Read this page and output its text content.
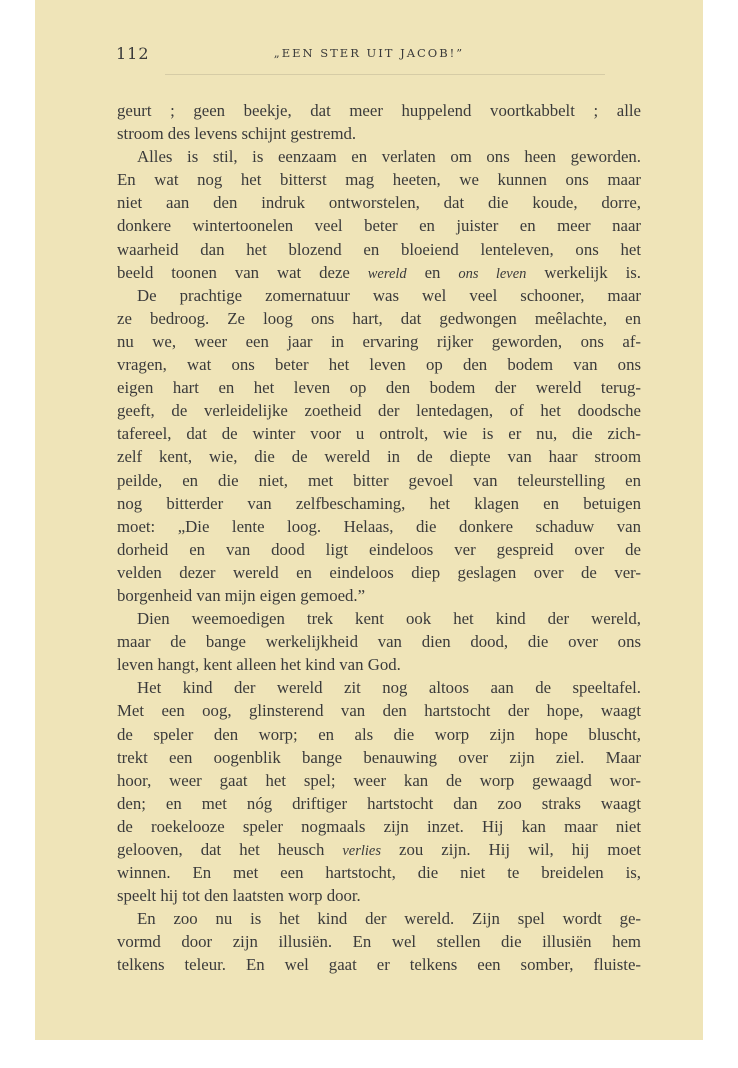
112	„EEN STER UIT JACOB!”
geurt ; geen beekje, dat meer huppelend voortkabbelt ; alle
stroom des levens schijnt gestremd.
Alles is stil, is eenzaam en verlaten om ons heen geworden.
En wat nog het bitterst mag heeten, we kunnen ons maar
niet aan den indruk ontworstelen, dat die koude, dorre,
donkere wintertoonelen veel beter en juister en meer naar
waarheid dan het blozend en bloeiend lenteleven, ons het
beeld toonen van wat deze wereld en ons leven werkelijk is.
De prachtige zomernatuur was wel veel schooner, maar
ze bedroog. Ze loog ons hart, dat gedwongen meêlachte, en
nu we, weer een jaar in ervaring rijker geworden, ons af-
vragen, wat ons beter het leven op den bodem van ons
eigen hart en het leven op den bodem der wereld terug-
geeft, de verleidelijke zoetheid der lentedagen, of het doodsche
tafereel, dat de winter voor u ontrolt, wie is er nu, die zich-
zelf kent, wie, die de wereld in de diepte van haar stroom
peilde, en die niet, met bitter gevoel van teleurstelling en
nog bitterder van zelfbeschaming, het klagen en betuigen
moet: „Die lente loog. Helaas, die donkere schaduw van
dorheid en van dood ligt eindeloos ver gespreid over de
velden dezer wereld en eindeloos diep geslagen over de ver-
borgenheid van mijn eigen gemoed.”
Dien weemoedigen trek kent ook het kind der wereld,
maar de bange werkelijkheid van dien dood, die over ons
leven hangt, kent alleen het kind van God.
Het kind der wereld zit nog altoos aan de speeltafel.
Met een oog, glinsterend van den hartstocht der hope, waagt
de speler den worp; en als die worp zijn hope bluscht,
trekt een oogenblik bange benauwing over zijn ziel. Maar
hoor, weer gaat het spel; weer kan de worp gewaagd wor-
den; en met nóg driftiger hartstocht dan zoo straks waagt
de roekelooze speler nogmaals zijn inzet. Hij kan maar niet
gelooven, dat het heusch verlies zou zijn. Hij wil, hij moet
winnen. En met een hartstocht, die niet te breidelen is,
speelt hij tot den laatsten worp door.
En zoo nu is het kind der wereld. Zijn spel wordt ge-
vormd door zijn illusiën. En wel stellen die illusiën hem
telkens teleur. En wel gaat er telkens een somber, fluiste-
